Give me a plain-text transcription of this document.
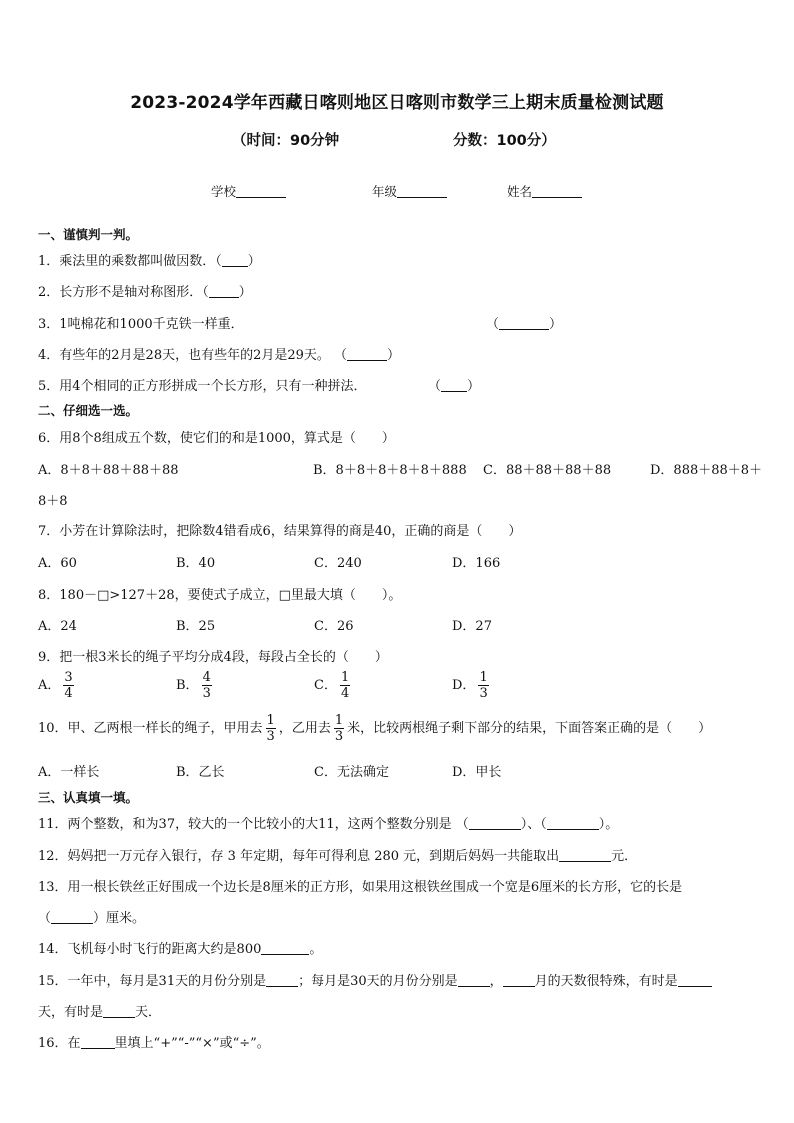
2023-2024学年西藏日喀则地区日喀则市数学三上期末质量检测试题
（时间：90分钟	分数：100分）
学校	年级	姓名
一、谨慎判一判。
1．乘法里的乘数都叫做因数．（ ）
2．长方形不是轴对称图形．（ ）
3．1吨棉花和1000千克铁一样重．	（	）
4．有些年的2月是28天，也有些年的2月是29天。 （	）
5．用4个相同的正方形拼成一个长方形，只有一种拼法．	（ ）
二、仔细选一选。
6．用8个8组成五个数，使它们的和是1000，算式是（　　）
A．8＋8＋88＋88＋88	B．8＋8＋8＋8＋8＋888 C．88＋88＋88＋88	D．888＋88＋8＋
8＋8
7．小芳在计算除法时，把除数4错看成6，结果算得的商是40，正确的商是（　　）
A．60	B．40	C．240	D．166
8．180－□>127＋28，要使式子成立，□里最大填（　　）。
A．24	B．25	C．26	D．27
9．把一根3米长的绳子平均分成4段，每段占全长的（　　）
A． $\frac{3}{4}$	B． $\frac{4}{3}$	C． $\frac{1}{4}$	D． $\frac{1}{3}$
10．甲、乙两根一样长的绳子，甲用去 $\frac{1}{3}$ ，乙用去 $\frac{1}{3}$ 米，比较两根绳子剩下部分的结果，下面答案正确的是（　　）
A．一样长	B．乙长	C．无法确定	D．甲长
三、认真填一填。
11．两个整数，和为37，较大的一个比较小的大11，这两个整数分别是 （	）、（	）。
12．妈妈把一万元存入银行，存 3 年定期，每年可得利息 280 元，到期后妈妈一共能取出	元．
13．用一根长铁丝正好围成一个边长是8厘米的正方形，如果用这根铁丝围成一个宽是6厘米的长方形，它的长是
（	）厘米。
14．飞机每小时飞行的距离大约是800	。
15．一年中，每月是31天的月份分别是 ；每月是30天的月份分别是 ， 月的天数很特殊，有时是
天，有时是 天．
16．在	里填上“+”“-”“×”或“÷”。
